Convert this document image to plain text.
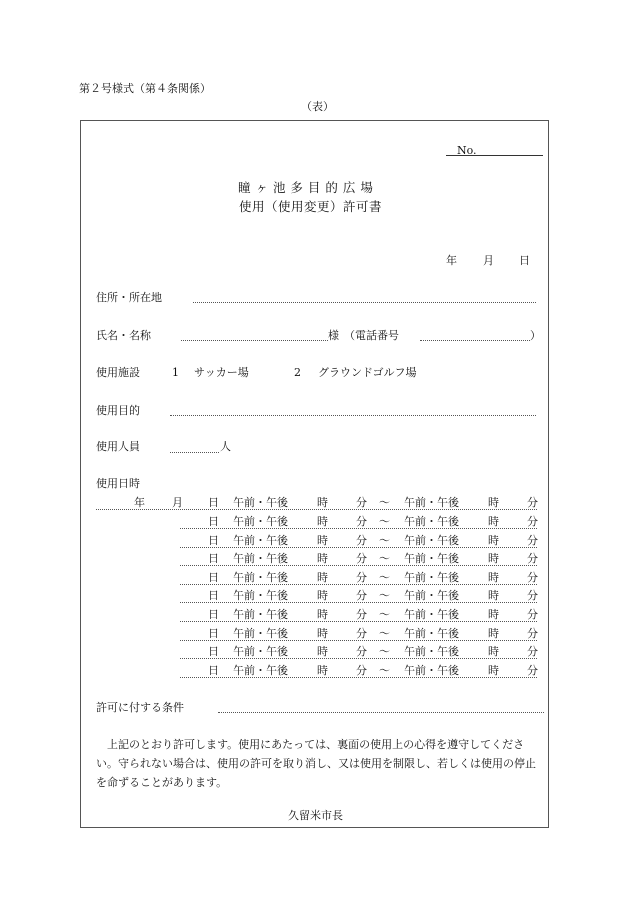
第２号様式（第４条関係）
（表）
No.
瞳 ヶ 池 多 目 的 広 場
使用（使用変更）許可書
年 月 日
住所・所在地
氏名・名称	様 （電話番号	）
使用施設	1 サッカー場	2 グラウンドゴルフ場
使用目的
使用人員	人
使用日時
年 月 日 午前・午後	時	分 ～ 午前・午後	時	分
日 午前・午後	時	分 ～ 午前・午後	時	分
日 午前・午後	時	分 ～ 午前・午後	時	分
日 午前・午後	時	分 ～ 午前・午後	時	分
日 午前・午後	時	分 ～ 午前・午後	時	分
日 午前・午後	時	分 ～ 午前・午後	時	分
日 午前・午後	時	分 ～ 午前・午後	時	分
日 午前・午後	時	分 ～ 午前・午後	時	分
日 午前・午後	時	分 ～ 午前・午後	時	分
日 午前・午後	時	分 ～ 午前・午後	時	分
許可に付する条件
　上記のとおり許可します。使用にあたっては、裏面の使用上の心得を遵守してください。守られない場合は、使用の許可を取り消し、又は使用を制限し、若しくは使用の停止を命ずることがあります。
久留米市長
